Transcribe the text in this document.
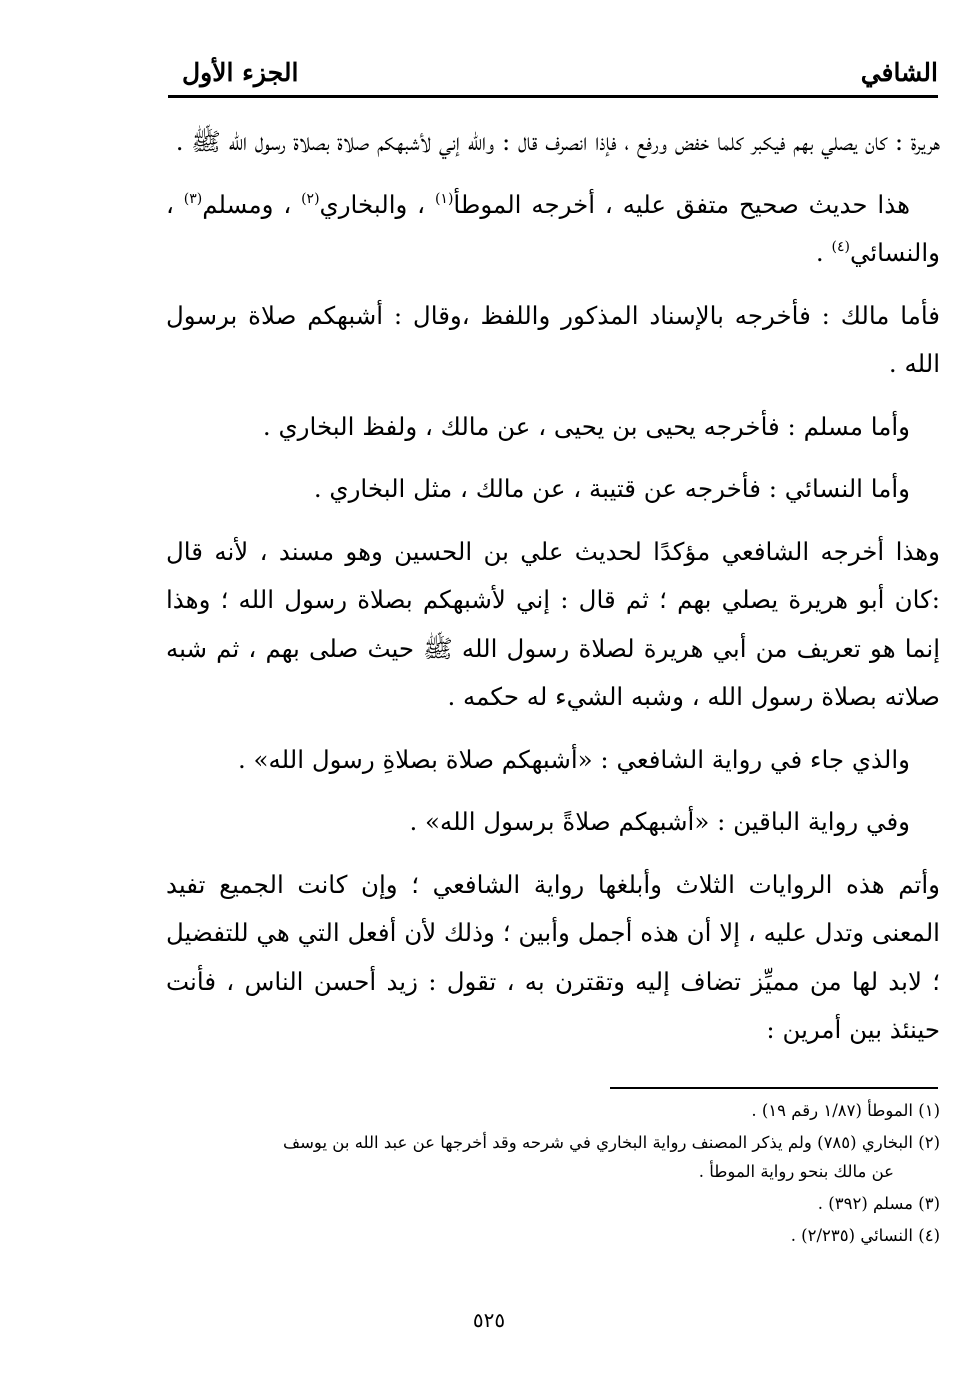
الشافي
الجزء الأول

هريرة : كان يصلي بهم فيكبر كلما خفض ورفع ، فإذا انصرف قال : والله إني لأشبهكم صلاة بصلاة رسول الله ﷺ .

هذا حديث صحيح متفق عليه ، أخرجه الموطأ$^{(١)}$ ، والبخاري$^{(٢)}$ ، ومسلم$^{(٣)}$ ، والنسائي$^{(٤)}$ .

فأما مالك : فأخرجه بالإسناد المذكور واللفظ ،وقال : أشبهكم صلاة برسول الله .

وأما مسلم : فأخرجه يحيى بن يحيى ، عن مالك ، ولفظ البخاري .

وأما النسائي : فأخرجه عن قتيبة ، عن مالك ، مثل البخاري .

وهذا أخرجه الشافعي مؤكدًا لحديث علي بن الحسين وهو مسند ، لأنه قال :كان أبو هريرة يصلي بهم ؛ ثم قال : إني لأشبهكم بصلاة رسول الله ؛ وهذا إنما هو تعريف من أبي هريرة لصلاة رسول الله ﷺ حيث صلى بهم ، ثم شبه صلاته بصلاة رسول الله ، وشبه الشيء له حكمه .

والذي جاء في رواية الشافعي : «أشبهكم صلاة بصلاةِ رسول الله» .

وفي رواية الباقين : «أشبهكم صلاةً برسول الله» .

وأتم هذه الروايات الثلاث وأبلغها رواية الشافعي ؛ وإن كانت الجميع تفيد المعنى وتدل عليه ، إلا أن هذه أجمل وأبين ؛ وذلك لأن أفعل التي هي للتفضيل ؛ لابد لها من مميِّز تضاف إليه وتقترن به ، تقول : زيد أحسن الناس ، فأنت حينئذ بين أمرين :

(١) الموطأ (١/٨٧ رقم ١٩) .
(٢) البخاري (٧٨٥) ولم يذكر المصنف رواية البخاري في شرحه وقد أخرجها عن عبد الله بن يوسف
عن مالك بنحو رواية الموطأ .
(٣) مسلم (٣٩٢) .
(٤) النسائي (٢/٢٣٥) .
٥٢٥
